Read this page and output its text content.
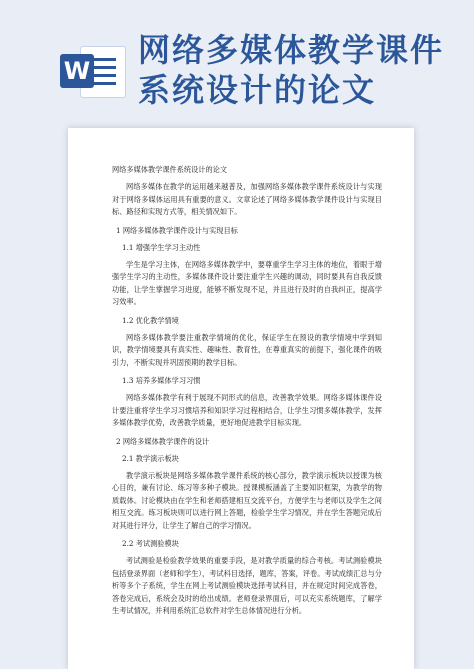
W
网络多媒体教学课件系统设计的论文

网络多媒体教学课件系统设计的论文

网络多媒体在教学的运用越来越普及，加强网络多媒体教学课件系统设计与实现对于网络多媒体运用具有重要的意义。文章论述了网络多媒体教学课件设计与实现目标、路径和实现方式等，相关情况如下。

1 网络多媒体教学课件设计与实现目标

1.1 增强学生学习主动性

学生是学习主体，在网络多媒体教学中，要尊重学生学习主体的地位，着眼于增强学生学习的主动性，多媒体课件设计要注重学生兴趣的调动，同时要具有自我反馈功能，让学生掌握学习进度，能够不断发现不足，并且进行及时的自我纠正，提高学习效率。

1.2 优化教学情境

网络多媒体教学要注重教学情境的优化，保证学生在预设的教学情境中学到知识，教学情境要具有真实性、趣味性、教育性，在尊重真实的前提下，强化课件的吸引力，不断实现并巩固预期的教学目标。

1.3 培养多媒体学习习惯

网络多媒体教学有利于展现不同形式的信息，改善教学效果。网络多媒体课件设计要注重将学生学习习惯培养和知识学习过程相结合，让学生习惯多媒体教学，发挥多媒体教学优势，改善教学质量，更好地促进教学目标实现。

2 网络多媒体教学课件的设计

2.1 教学演示板块

教学演示板块是网络多媒体教学课件系统的核心部分，教学演示板块以授课为核心目的，兼有讨论、练习等多种子模块。授课模板涵盖了主要知识框架，为教学的物质载体。讨论模块由在学生和老师搭建相互交流平台，方便学生与老师以及学生之间相互交流。练习板块则可以进行网上答题，检验学生学习情况，并在学生答题完成后对其进行评分，让学生了解自己的学习情况。

2.2 考试测验模块

考试测验是检验教学效果的重要手段，是对教学质量的综合考核。考试测验模块包括登录界面（老师和学生），考试科目选择，题库，答案，评卷。考试成绩汇总与分析等多个子系统，学生在网上考试测验模块选择考试科目，并在规定时间完成答卷，答卷完成后，系统会及时的给出成绩。老师登录界面后，可以充实系统题库，了解学生考试情况，并利用系统汇总软件对学生总体情况进行分析。
